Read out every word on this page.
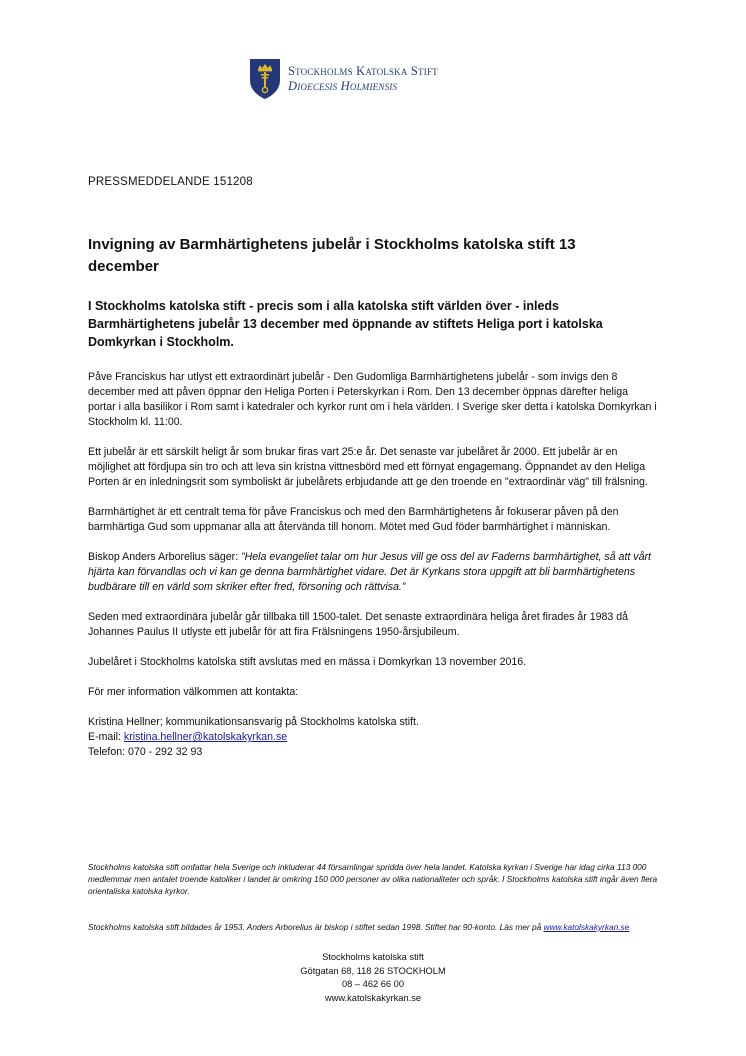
Stockholms Katolska Stift
Dioecesis Holmiensis
PRESSMEDDELANDE 151208
Invigning av Barmhärtighetens jubelår i Stockholms katolska stift 13 december
I Stockholms katolska stift - precis som i alla katolska stift världen över - inleds Barmhärtighetens jubelår 13 december med öppnande av stiftets Heliga port i katolska Domkyrkan i Stockholm.

Påve Franciskus har utlyst ett extraordinärt jubelår - Den Gudomliga Barmhärtighetens jubelår - som invigs den 8 december med att påven öppnar den Heliga Porten i Peterskyrkan i Rom. Den 13 december öppnas därefter heliga portar i alla basilikor i Rom samt i katedraler och kyrkor runt om i hela världen. I Sverige sker detta i katolska Domkyrkan i Stockholm kl. 11:00.

Ett jubelår är ett särskilt heligt år som brukar firas vart 25:e år. Det senaste var jubelåret år 2000. Ett jubelår är en möjlighet att fördjupa sin tro och att leva sin kristna vittnesbörd med ett förnyat engagemang. Öppnandet av den Heliga Porten är en inledningsrit som symboliskt är jubelårets erbjudande att ge den troende en "extraordinär väg" till frälsning.

Barmhärtighet är ett centralt tema för påve Franciskus och med den Barmhärtighetens år fokuserar påven på den barmhärtiga Gud som uppmanar alla att återvända till honom. Mötet med Gud föder barmhärtighet i människan.

Biskop Anders Arborelius säger: ”Hela evangeliet talar om hur Jesus vill ge oss del av Faderns barmhärtighet, så att vårt hjärta kan förvandlas och vi kan ge denna barmhärtighet vidare. Det är Kyrkans stora uppgift att bli barmhärtighetens budbärare till en värld som skriker efter fred, försoning och rättvisa.”

Seden med extraordinära jubelår går tillbaka till 1500-talet. Det senaste extraordinära heliga året firades år 1983 då Johannes Paulus II utlyste ett jubelår för att fira Frälsningens 1950-årsjubileum.

Jubelåret i Stockholms katolska stift avslutas med en mässa i Domkyrkan 13 november 2016.

För mer information välkommen att kontakta:

Kristina Hellner; kommunikationsansvarig på Stockholms katolska stift.
E-mail: kristina.hellner@katolskakyrkan.se
Telefon: 070 - 292 32 93

Stockholms katolska stift omfattar hela Sverige och inkluderar 44 församlingar spridda över hela landet. Katolska kyrkan i Sverige har idag cirka 113 000 medlemmar men antalet troende katoliker i landet är omkring 150 000 personer av olika nationaliteter och språk. I Stockholms katolska stift ingår även flera orientaliska katolska kyrkor.
Stockholms katolska stift bildades år 1953. Anders Arborelius är biskop i stiftet sedan 1998. Stiftet har 90-konto. Läs mer på www.katolskakyrkan.se
Stockholms katolska stift
Götgatan 68, 118 26 STOCKHOLM
08 – 462 66 00
www.katolskakyrkan.se
